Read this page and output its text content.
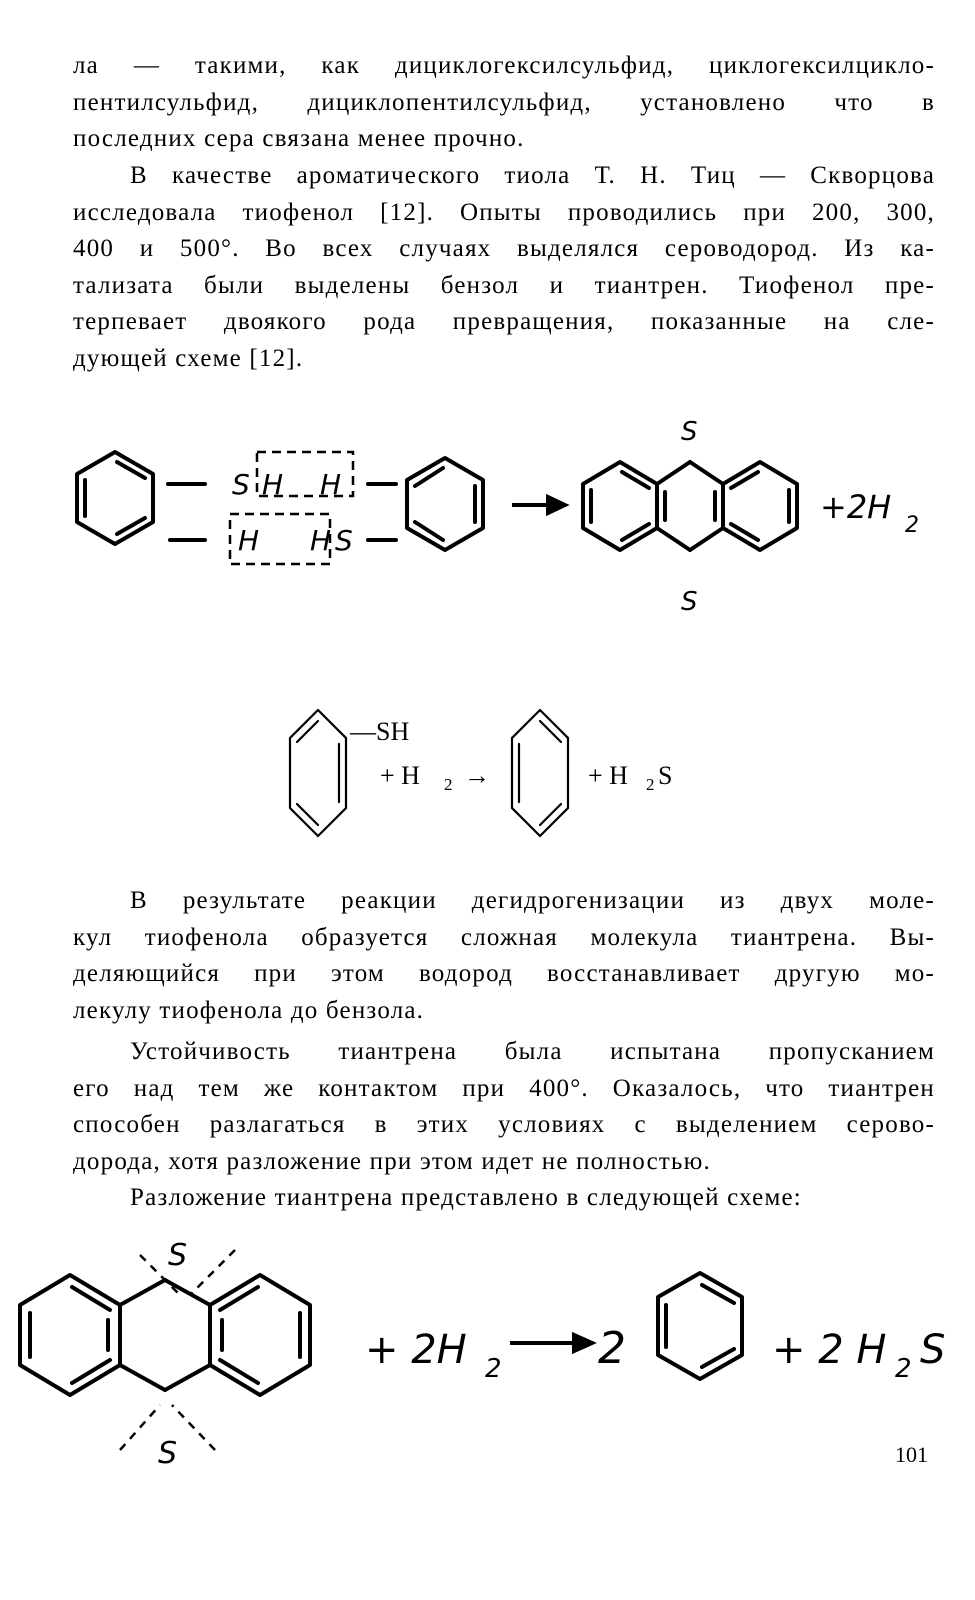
ла — такими, как дициклогексилсульфид, циклогексилцикло-
пентилсульфид, дициклопентилсульфид, установлено что в
последних сера связана менее прочно.
В качестве ароматического тиола Т. Н. Тиц — Скворцова
исследовала тиофенол [12]. Опыты проводились при 200, 300,
400 и 500°. Во всех случаях выделялся сероводород. Из ка-
тализата были выделены бензол и тиантрен. Тиофенол пре-
терпевает двоякого рода превращения, показанные на сле-
дующей схеме [12].
S H H
H H S
S
S
+2H 2
—SH
+ H 2 →	+ H 2 S
В результате реакции дегидрогенизации из двух моле-
кул тиофенола образуется сложная молекула тиантрена. Вы-
деляющийся при этом водород восстанавливает другую мо-
лекулу тиофенола до бензола.
Устойчивость тиантрена была испытана пропусканием
его над тем же контактом при 400°. Оказалось, что тиантрен
способен разлагаться в этих условиях с выделением серово-
дорода, хотя разложение при этом идет не полностью.
Разложение тиантрена представлено в следующей схеме:
S
S
+ 2H 2 2	+ 2 H 2 S
101
